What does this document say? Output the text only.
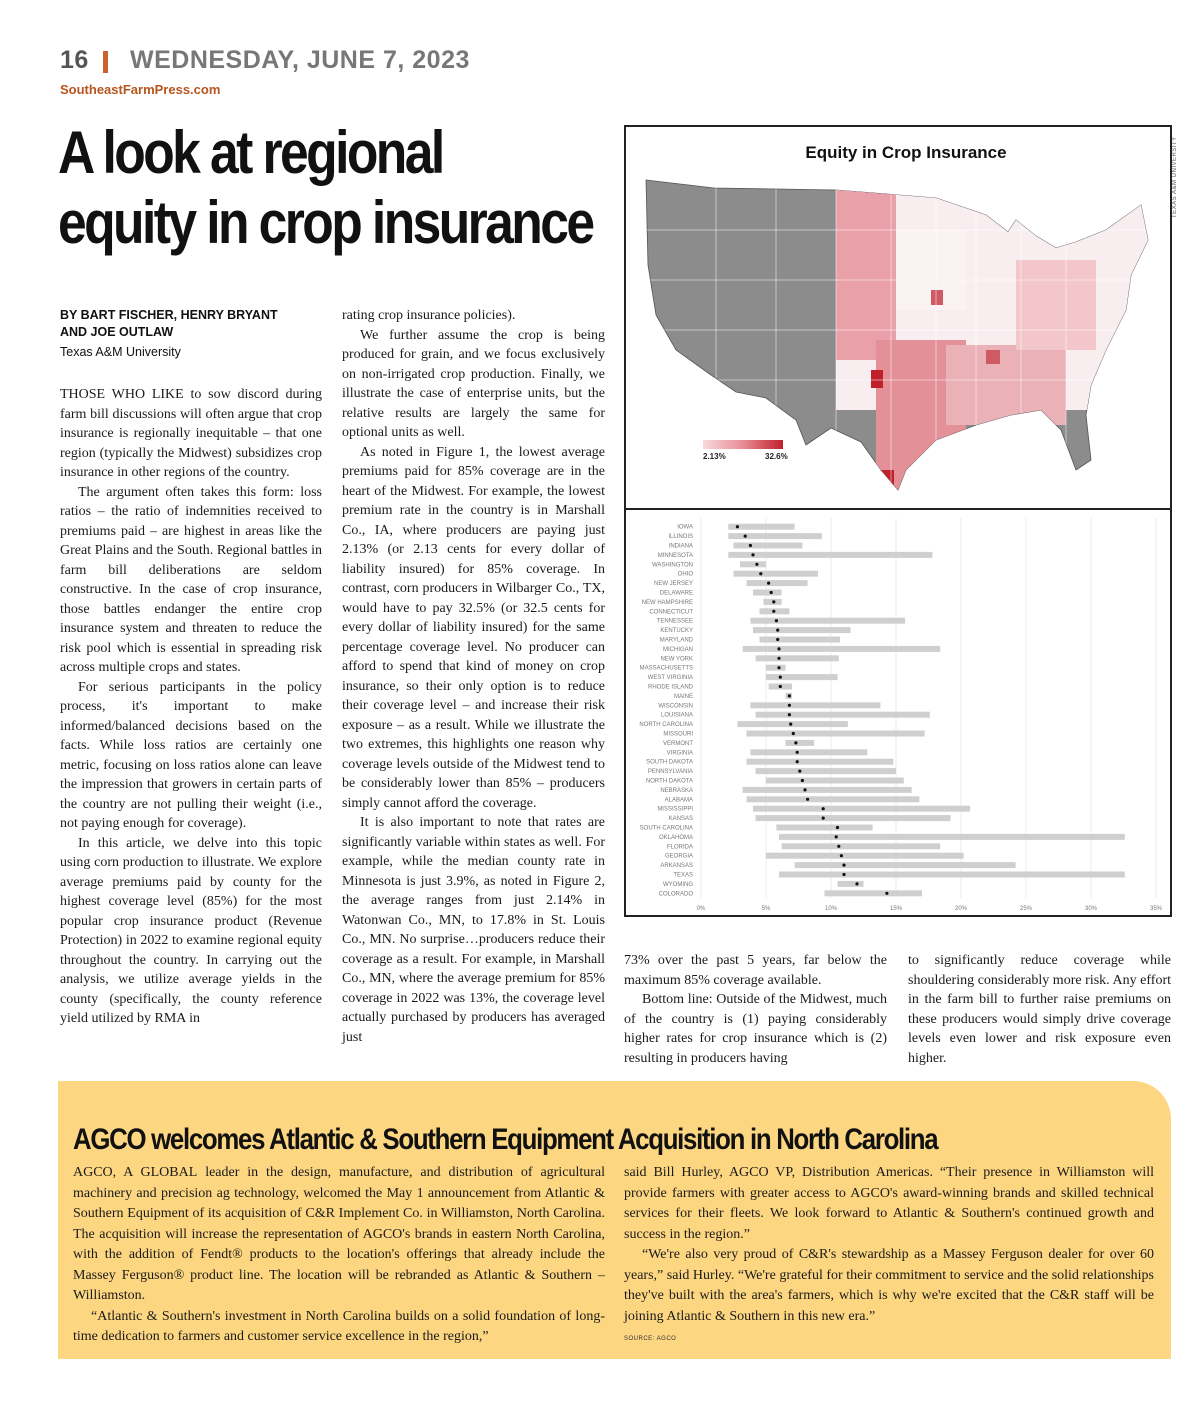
16 WEDNESDAY, JUNE 7, 2023
SoutheastFarmPress.com
A look at regional
equity in crop insurance
BY BART FISCHER, HENRY BRYANT
AND JOE OUTLAW
Texas A&M University

THOSE WHO LIKE to sow discord during farm bill discussions will often argue that crop insurance is regionally inequitable – that one region (typically the Midwest) subsidizes crop insurance in other regions of the country.

The argument often takes this form: loss ratios – the ratio of indemnities received to premiums paid – are highest in areas like the Great Plains and the South. Regional battles in farm bill deliberations are seldom constructive. In the case of crop insurance, those battles endanger the entire crop insurance system and threaten to reduce the risk pool which is essential in spreading risk across multiple crops and states.

For serious participants in the policy process, it's important to make informed/balanced decisions based on the facts. While loss ratios are certainly one metric, focusing on loss ratios alone can leave the impression that growers in certain parts of the country are not pulling their weight (i.e., not paying enough for coverage).

In this article, we delve into this topic using corn production to illustrate. We explore average premiums paid by county for the highest coverage level (85%) for the most popular crop insurance product (Revenue Protection) in 2022 to examine regional equity throughout the country. In carrying out the analysis, we utilize average yields in the county (specifically, the county reference yield utilized by RMA in

rating crop insurance policies).

We further assume the crop is being produced for grain, and we focus exclusively on non-irrigated crop production. Finally, we illustrate the case of enterprise units, but the relative results are largely the same for optional units as well.

As noted in Figure 1, the lowest average premiums paid for 85% coverage are in the heart of the Midwest. For example, the lowest premium rate in the country is in Marshall Co., IA, where producers are paying just 2.13% (or 2.13 cents for every dollar of liability insured) for 85% coverage. In contrast, corn producers in Wilbarger Co., TX, would have to pay 32.5% (or 32.5 cents for every dollar of liability insured) for the same percentage coverage level. No producer can afford to spend that kind of money on crop insurance, so their only option is to reduce their coverage level – and increase their risk exposure – as a result. While we illustrate the two extremes, this highlights one reason why coverage levels outside of the Midwest tend to be considerably lower than 85% – producers simply cannot afford the coverage.

It is also important to note that rates are significantly variable within states as well. For example, while the median county rate in Minnesota is just 3.9%, as noted in Figure 2, the average ranges from just 2.14% in Watonwan Co., MN, to 17.8% in St. Louis Co., MN. No surprise…producers reduce their coverage as a result. For example, in Marshall Co., MN, where the average premium for 85% coverage in 2022 was 13%, the coverage level actually purchased by producers has averaged just

73% over the past 5 years, far below the maximum 85% coverage available.

Bottom line: Outside of the Midwest, much of the country is (1) paying considerably higher rates for crop insurance which is (2) resulting in producers having

to significantly reduce coverage while shouldering considerably more risk. Any effort in the farm bill to further raise premiums on these producers would simply drive coverage levels even lower and risk exposure even higher.

Equity in Crop Insurance	TEXAS A&M UNIVERSITY
2.13%	32.6%
0%	5%	10%	15%	20%	25%	30%	35%
IOWA
ILLINOIS
INDIANA
MINNESOTA
WASHINGTON
OHIO
NEW JERSEY
DELAWARE
NEW HAMPSHIRE
CONNECTICUT
TENNESSEE
KENTUCKY
MARYLAND
MICHIGAN
NEW YORK
MASSACHUSETTS
WEST VIRGINIA
RHODE ISLAND
MAINE
WISCONSIN
LOUISIANA
NORTH CAROLINA
MISSOURI
VERMONT
VIRGINIA
SOUTH DAKOTA
PENNSYLVANIA
NORTH DAKOTA
NEBRASKA
ALABAMA
MISSISSIPPI
KANSAS
SOUTH CAROLINA
OKLAHOMA
FLORIDA
GEORGIA
ARKANSAS
TEXAS
WYOMING
COLORADO
AGCO welcomes Atlantic & Southern Equipment Acquisition in North Carolina

AGCO, A GLOBAL leader in the design, manufacture, and distribution of agricultural machinery and precision ag technology, welcomed the May 1 announcement from Atlantic & Southern Equipment of its acquisition of C&R Implement Co. in Williamston, North Carolina. The acquisition will increase the representation of AGCO's brands in eastern North Carolina, with the addition of Fendt® products to the location's offerings that already include the Massey Ferguson® product line. The location will be rebranded as Atlantic & Southern – Williamston.

“Atlantic & Southern's investment in North Carolina builds on a solid foundation of long-time dedication to farmers and customer service excellence in the region,”

said Bill Hurley, AGCO VP, Distribution Americas. “Their presence in Williamston will provide farmers with greater access to AGCO's award-winning brands and skilled technical services for their fleets. We look forward to Atlantic & Southern's continued growth and success in the region.”

“We're also very proud of C&R's stewardship as a Massey Ferguson dealer for over 60 years,” said Hurley. “We're grateful for their commitment to service and the solid relationships they've built with the area's farmers, which is why we're excited that the C&R staff will be joining Atlantic & Southern in this new era.”

SOURCE: AGCO
